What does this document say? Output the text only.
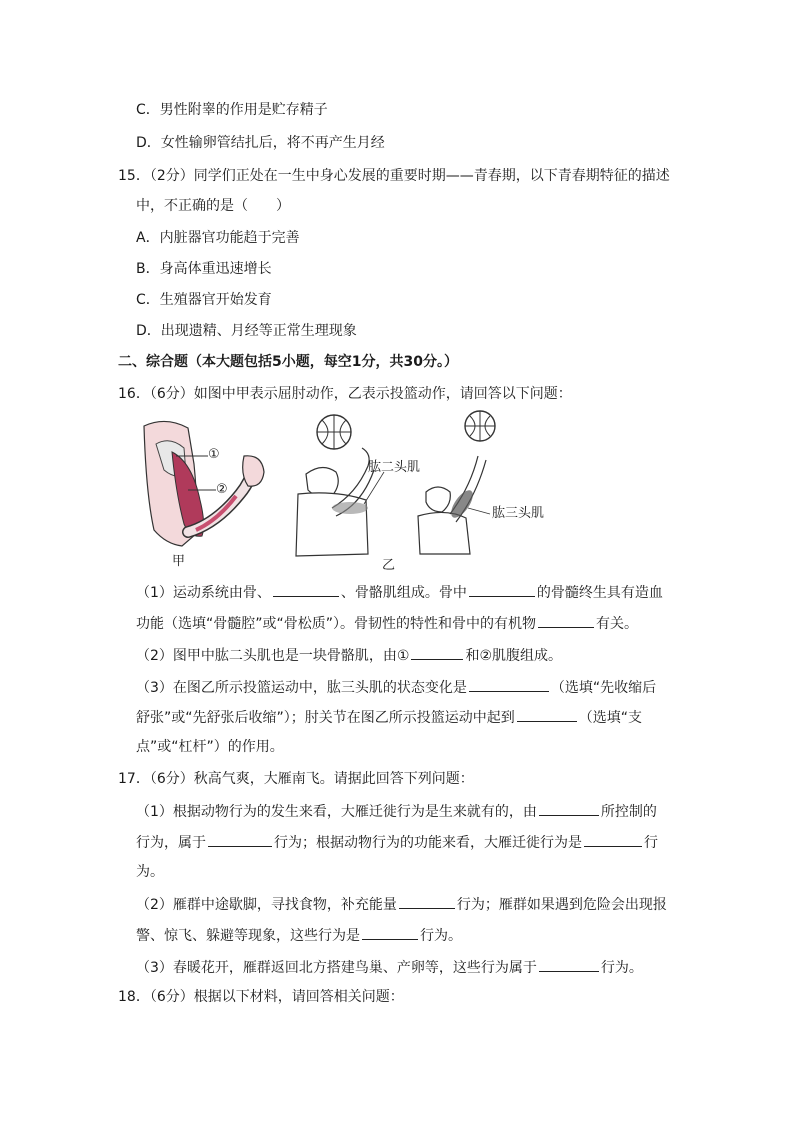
C．男性附睾的作用是贮存精子
D．女性输卵管结扎后，将不再产生月经
15．（2分）同学们正处在一生中身心发展的重要时期——青春期，以下青春期特征的描述
中，不正确的是（　　）
A．内脏器官功能趋于完善
B．身高体重迅速增长
C．生殖器官开始发育
D．出现遗精、月经等正常生理现象
二、综合题（本大题包括5小题，每空1分，共30分。）
16．（6分）如图中甲表示屈肘动作，乙表示投篮动作，请回答以下问题：
①
②
肱二头肌
肱三头肌
甲	乙
（1）运动系统由骨、	、骨骼肌组成。骨中	的骨髓终生具有造血
功能（选填“骨髓腔”或“骨松质”）。骨韧性的特性和骨中的有机物	有关。
（2）图甲中肱二头肌也是一块骨骼肌，由①	和②肌腹组成。
（3）在图乙所示投篮运动中，肱三头肌的状态变化是	（选填“先收缩后
舒张”或“先舒张后收缩”）；肘关节在图乙所示投篮运动中起到	（选填“支
点”或“杠杆”）的作用。
17．（6分）秋高气爽，大雁南飞。请据此回答下列问题：
（1）根据动物行为的发生来看，大雁迁徙行为是生来就有的，由	所控制的
行为，属于	行为；根据动物行为的功能来看，大雁迁徙行为是	行
为。
（2）雁群中途歇脚，寻找食物，补充能量	行为；雁群如果遇到危险会出现报
警、惊飞、躲避等现象，这些行为是	行为。
（3）春暖花开，雁群返回北方搭建鸟巢、产卵等，这些行为属于	行为。
18．（6分）根据以下材料，请回答相关问题：
